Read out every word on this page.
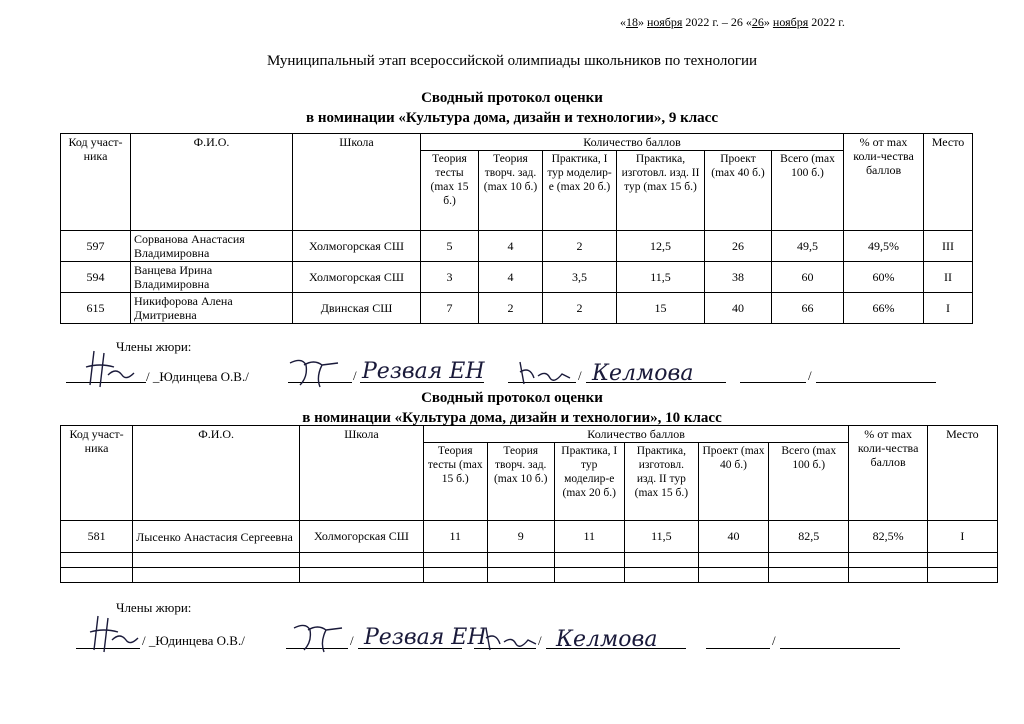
«18» ноября 2022 г. – 26 «26» ноября 2022 г.
Муниципальный этап всероссийской олимпиады школьников по технологии
Сводный протокол оценки
в номинации «Культура дома, дизайн и технологии», 9 класс
Код участ-ника	Ф.И.О.	Школа	Количество баллов						% от max коли-чества баллов	Место
			Теория тесты (max 15 б.)	Теория творч. зад. (max 10 б.)	Практика, I тур моделир-е (max 20 б.)	Практика, изготовл. изд. II тур (max 15 б.)	Проект (max 40 б.)	Всего (max 100 б.)		
597	Сорванова Анастасия Владимировна	Холмогорская СШ	5	4	2	12,5	26	49,5	49,5%	III
594	Ванцева Ирина Владимировна	Холмогорская СШ	3	4	3,5	11,5	38	60	60%	II
615	Никифорова Алена Дмитриевна	Двинская СШ	7	2	2	15	40	66	66%	I
Члены жюри:
/ _Юдинцева О.В./	/	/	/
Резвая ЕН	Келмова
Сводный протокол оценки
в номинации «Культура дома, дизайн и технологии», 10 класс
Код участ-ника	Ф.И.О.	Школа	Количество баллов						% от max коли-чества баллов	Место
			Теория тесты (max 15 б.)	Теория творч. зад. (max 10 б.)	Практика, I тур моделир-е (max 20 б.)	Практика, изготовл. изд. II тур (max 15 б.)	Проект (max 40 б.)	Всего (max 100 б.)		
581	Лысенко Анастасия Сергеевна	Холмогорская СШ	11	9	11	11,5	40	82,5	82,5%	I

Члены жюри:
/ _Юдинцева О.В./	/	/	/
Резвая ЕН	Келмова
